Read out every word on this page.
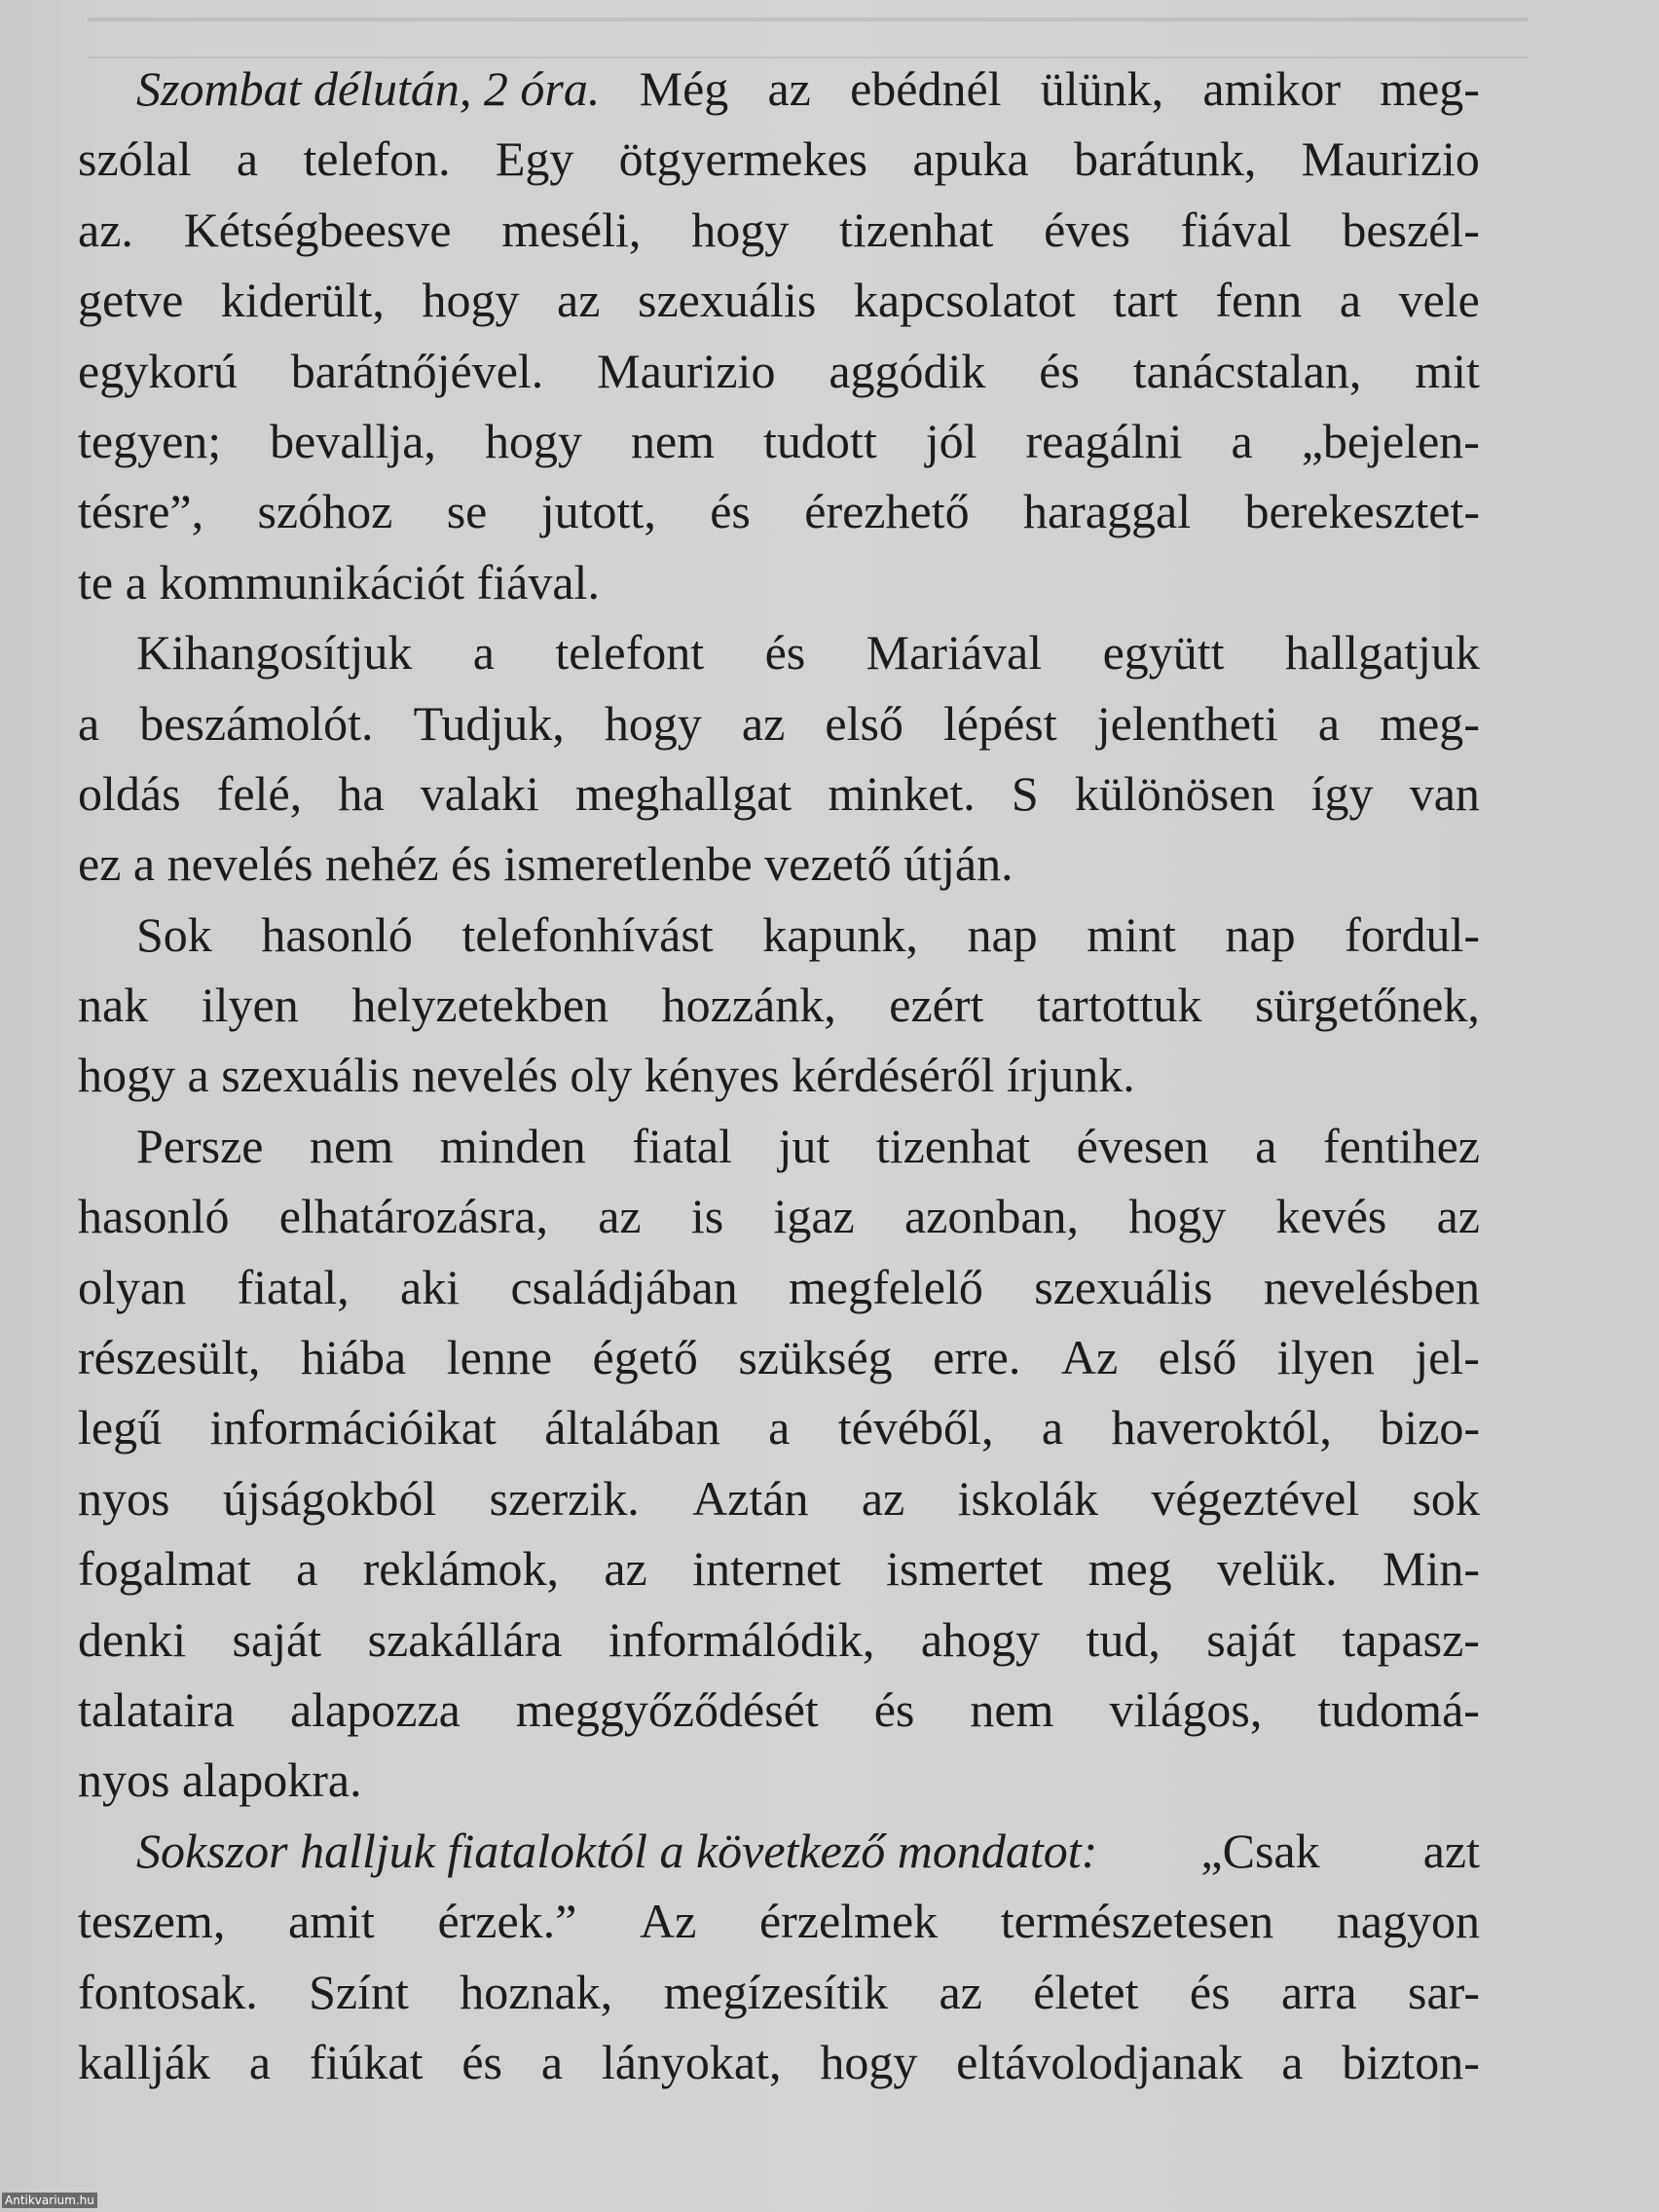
Szombat délután, 2 óra. Még az ebédnél ülünk, amikor meg-
szólal a telefon. Egy ötgyermekes apuka barátunk, Maurizio
az. Kétségbeesve meséli, hogy tizenhat éves fiával beszél-
getve kiderült, hogy az szexuális kapcsolatot tart fenn a vele
egykorú barátnőjével. Maurizio aggódik és tanácstalan, mit
tegyen; bevallja, hogy nem tudott jól reagálni a „bejelen-
tésre”, szóhoz se jutott, és érezhető haraggal berekesztet-
te a kommunikációt fiával.
Kihangosítjuk a telefont és Mariával együtt hallgatjuk
a beszámolót. Tudjuk, hogy az első lépést jelentheti a meg-
oldás felé, ha valaki meghallgat minket. S különösen így van
ez a nevelés nehéz és ismeretlenbe vezető útján.
Sok hasonló telefonhívást kapunk, nap mint nap fordul-
nak ilyen helyzetekben hozzánk, ezért tartottuk sürgetőnek,
hogy a szexuális nevelés oly kényes kérdéséről írjunk.
Persze nem minden fiatal jut tizenhat évesen a fentihez
hasonló elhatározásra, az is igaz azonban, hogy kevés az
olyan fiatal, aki családjában megfelelő szexuális nevelésben
részesült, hiába lenne égető szükség erre. Az első ilyen jel-
legű információikat általában a tévéből, a haveroktól, bizo-
nyos újságokból szerzik. Aztán az iskolák végeztével sok
fogalmat a reklámok, az internet ismertet meg velük. Min-
denki saját szakállára informálódik, ahogy tud, saját tapasz-
talataira alapozza meggyőződését és nem világos, tudomá-
nyos alapokra.
Sokszor halljuk fiataloktól a következő mondatot: „Csak azt
teszem, amit érzek.” Az érzelmek természetesen nagyon
fontosak. Színt hoznak, megízesítik az életet és arra sar-
kallják a fiúkat és a lányokat, hogy eltávolodjanak a bizton-
Antikvarium.hu
